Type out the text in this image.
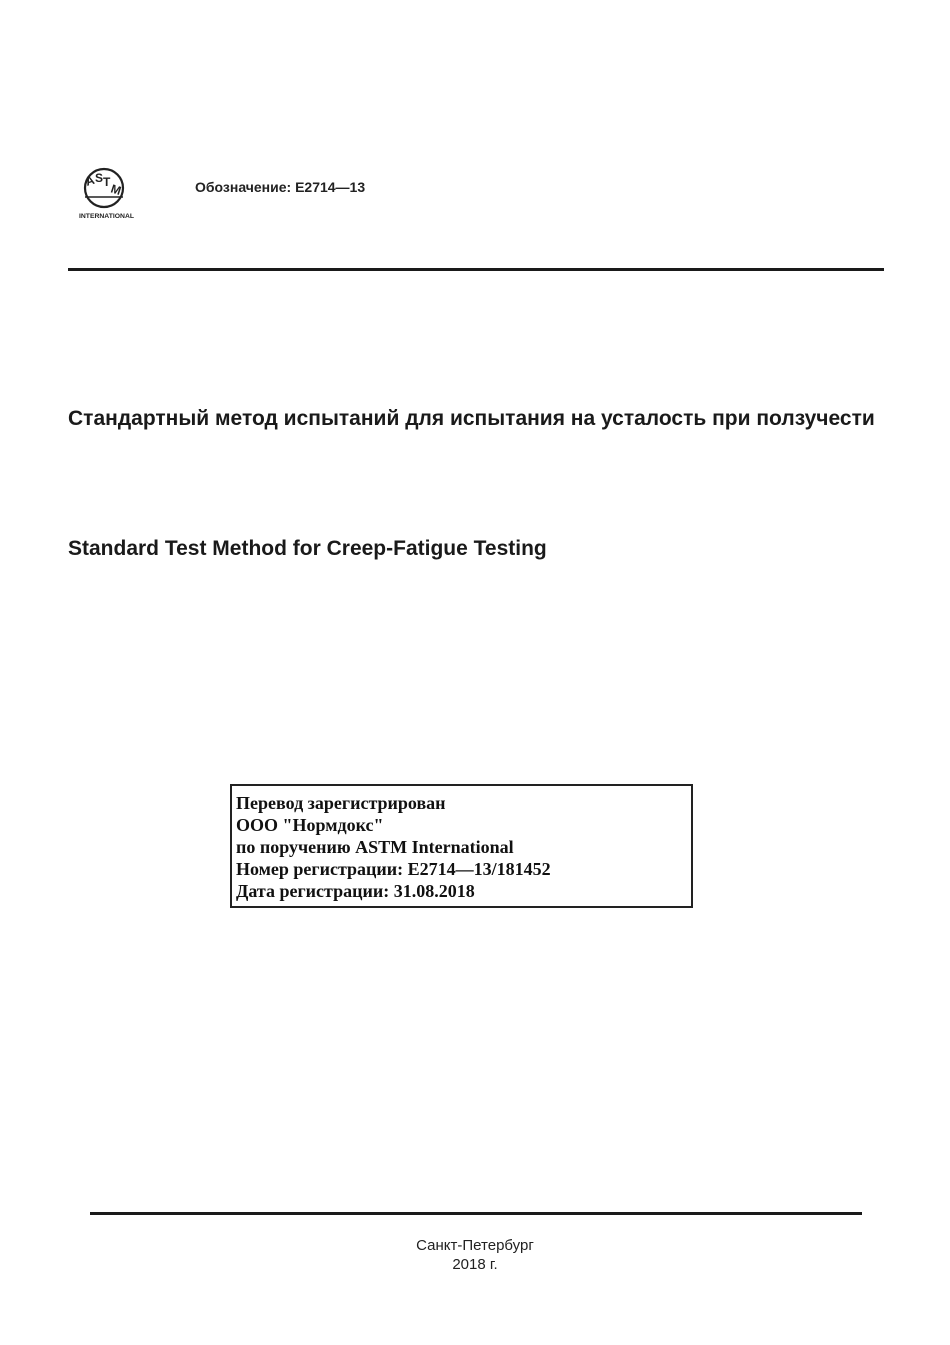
A
S T
M
INTERNATIONAL
Обозначение: E2714—13
Стандартный метод испытаний для испытания на усталость при ползучести
Standard Test Method for Creep-Fatigue Testing
Перевод зарегистрирован
ООО "Нормдокс"
по поручению ASTM International
Номер регистрации: E2714—13/181452
Дата регистрации: 31.08.2018
Санкт-Петербург
2018 г.
